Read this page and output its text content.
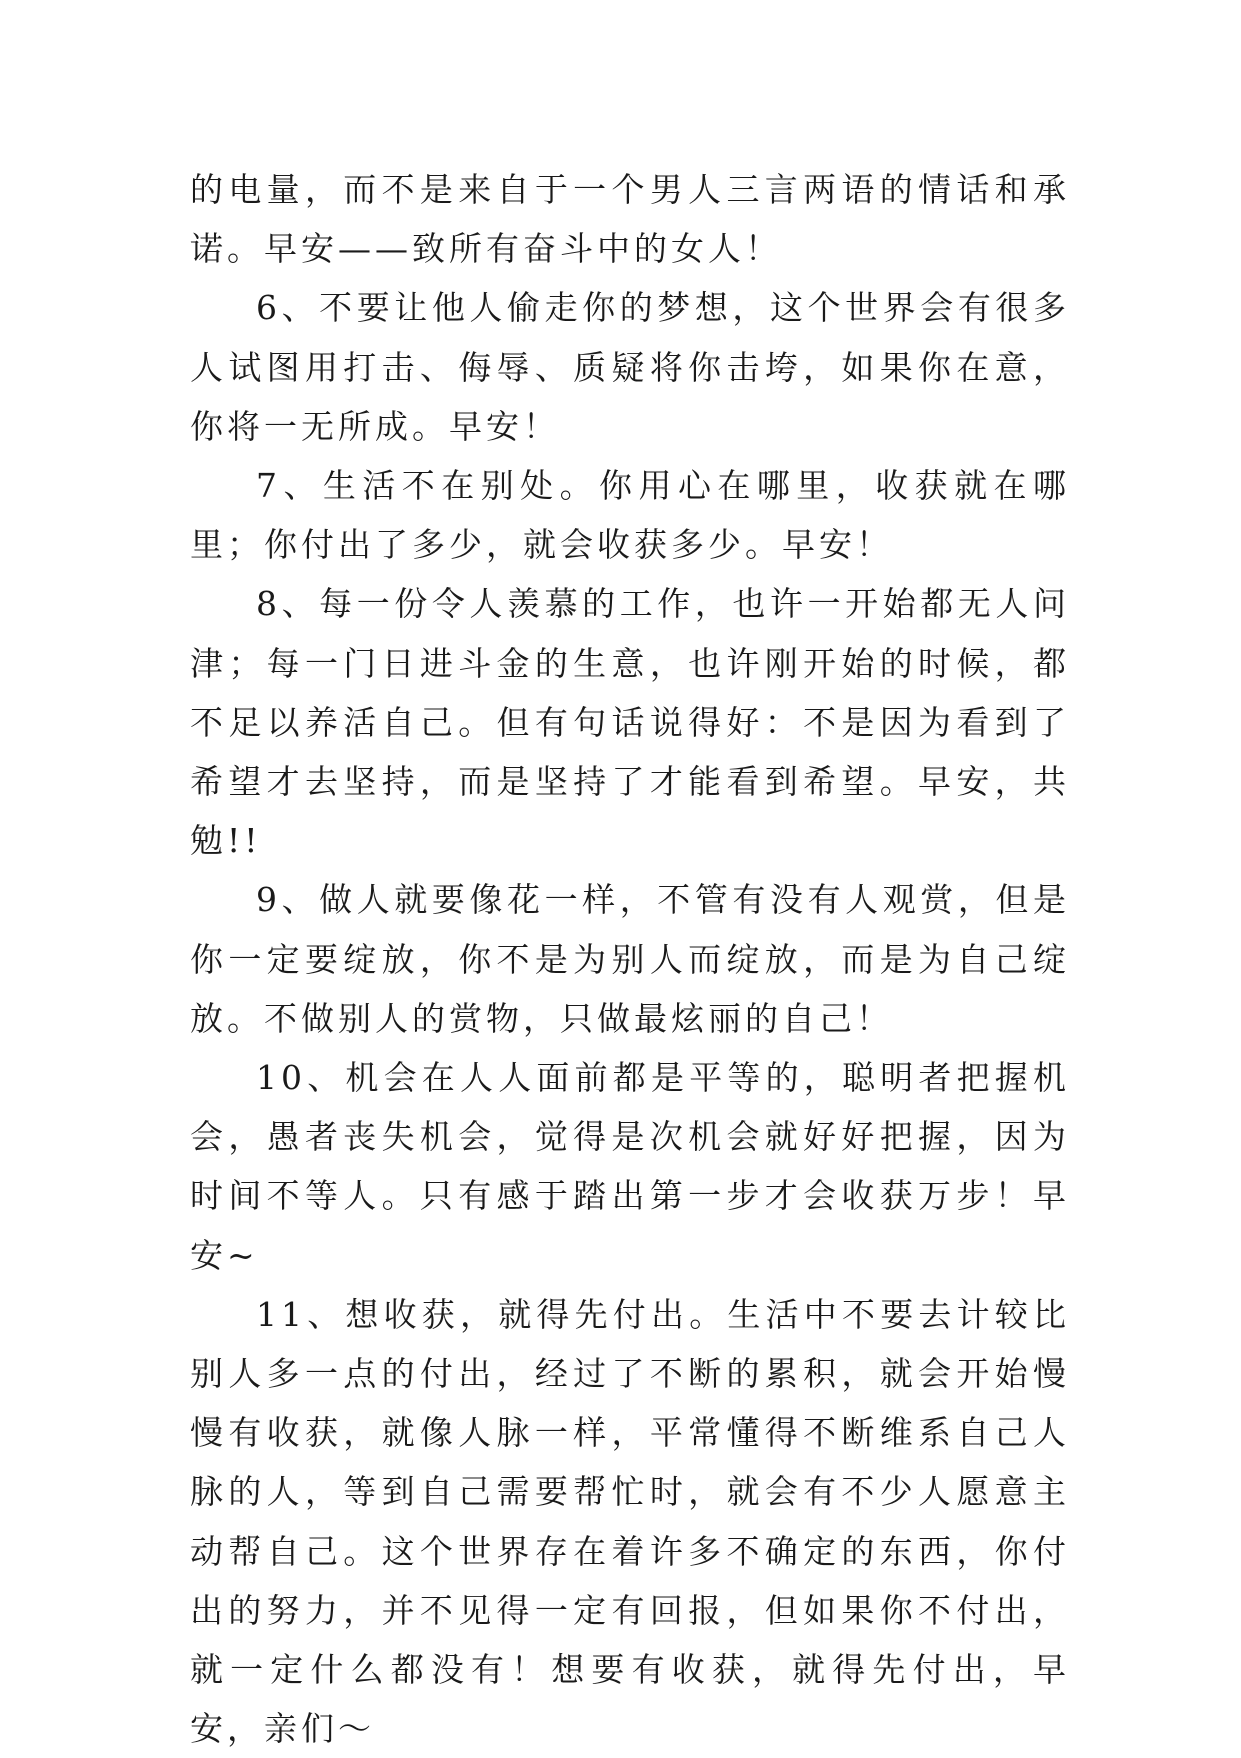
的电量，而不是来自于一个男人三言两语的情话和承诺。早安——致所有奋斗中的女人！

6、不要让他人偷走你的梦想，这个世界会有很多人试图用打击、侮辱、质疑将你击垮，如果你在意，你将一无所成。早安！

7、生活不在别处。你用心在哪里，收获就在哪里；你付出了多少，就会收获多少。早安！

8、每一份令人羡慕的工作，也许一开始都无人问津；每一门日进斗金的生意，也许刚开始的时候，都不足以养活自己。但有句话说得好：不是因为看到了希望才去坚持，而是坚持了才能看到希望。早安，共勉!!

9、做人就要像花一样，不管有没有人观赏，但是你一定要绽放，你不是为别人而绽放，而是为自己绽放。不做别人的赏物，只做最炫丽的自己！

10、机会在人人面前都是平等的，聪明者把握机会，愚者丧失机会，觉得是次机会就好好把握，因为时间不等人。只有感于踏出第一步才会收获万步！早安~

11、想收获，就得先付出。生活中不要去计较比别人多一点的付出，经过了不断的累积，就会开始慢慢有收获，就像人脉一样，平常懂得不断维系自己人脉的人，等到自己需要帮忙时，就会有不少人愿意主动帮自己。这个世界存在着许多不确定的东西，你付出的努力，并不见得一定有回报，但如果你不付出，就一定什么都没有！想要有收获，就得先付出，早安，亲们～
